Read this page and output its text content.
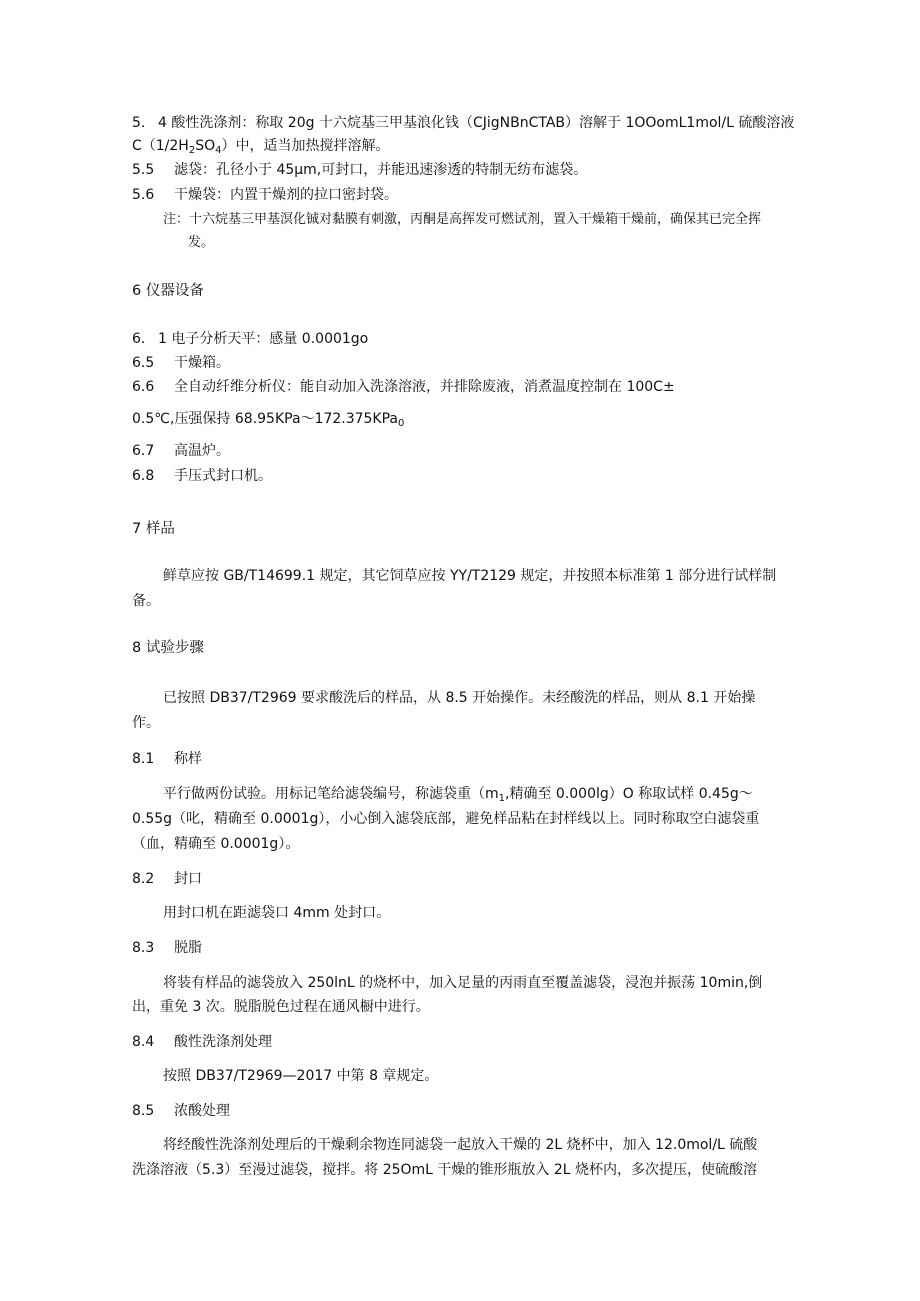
5. 4 酸性洗涤剂：称取 20g 十六烷基三甲基浪化钱（CJigNBnCTAB）溶解于 1OOomL1mol/L 硫酸溶液
$C(1/2H_2SO_4)$中，适当加热搅拌溶解。
5.5 滤袋：孔径小于 45μm,可封口，并能迅速渗透的特制无纺布滤袋。
5.6 干燥袋：内置干燥剂的拉口密封袋。
注：十六烷基三甲基溟化铖对黏膜有刺激，丙酮是高挥发可燃试剂，置入干燥箱干燥前，确保其已完全挥
发。
6 仪器设备
6. 1 电子分析天平：感量 0.0001go
6.5 干燥箱。
6.6 全自动纤维分析仪：能自动加入洗涤溶液，并排除废液，消煮温度控制在 100C±
0.5℃,压强保持 68.95KPa～172.375KPa$_0$
6.7 高温炉。
6.8 手压式封口机。
7 样品
鲜草应按 GB/T14699.1 规定，其它饲草应按 YY/T2129 规定，并按照本标准第 1 部分进行试样制
备。
8 试验步骤
已按照 DB37/T2969 要求酸洗后的样品，从 8.5 开始操作。未经酸洗的样品，则从 8.1 开始操
作。
8.1 称样
平行做两份试验。用标记笔给滤袋编号，称滤袋重（$m_1$,精确至 0.000lg）O 称取试样 0.45g～
0.55g（叱，精确至 0.0001g），小心倒入滤袋底部，避免样品粘在封样线以上。同时称取空白滤袋重
（血，精确至 0.0001g）。
8.2 封口
用封口机在距滤袋口 4mm 处封口。
8.3 脱脂
将装有样品的滤袋放入 250lnL 的烧杯中，加入足量的丙雨直至覆盖滤袋，浸泡并振荡 10min,倒
出，重免 3 次。脱脂脱色过程在通风橱中进行。
8.4 酸性洗涤剂处理
按照 DB37/T2969—2017 中第 8 章规定。
8.5 浓酸处理
将经酸性洗涤剂处理后的干燥剩余物连同滤袋一起放入干燥的 2L 烧杯中，加入 12.0mol/L 硫酸
洗涤溶液（5.3）至漫过滤袋，搅拌。将 25OmL 干燥的锥形瓶放入 2L 烧杯内，多次提压，使硫酸溶
